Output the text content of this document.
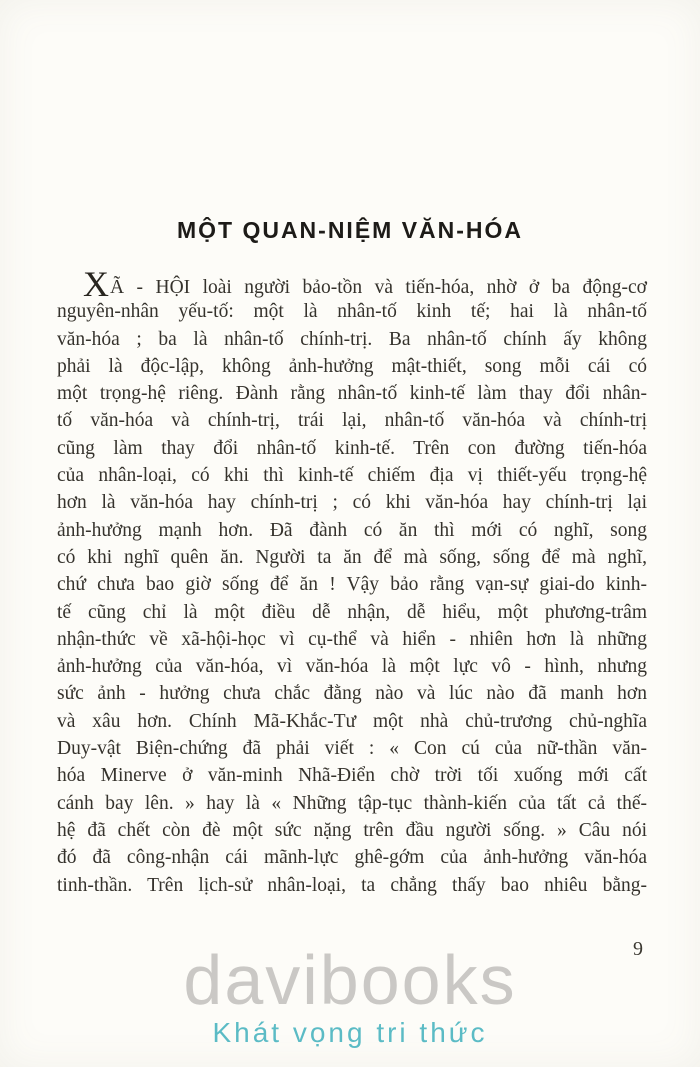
MỘT QUAN-NIỆM VĂN-HÓA
XÃ - HỘI loài người bảo-tồn và tiến-hóa, nhờ ở ba động-cơ
nguyên-nhân yếu-tố: một là nhân-tố kinh tế; hai là nhân-tố
văn-hóa ; ba là nhân-tố chính-trị. Ba nhân-tố chính ấy không
phải là độc-lập, không ảnh-hưởng mật-thiết, song mỗi cái có
một trọng-hệ riêng. Đành rằng nhân-tố kinh-tế làm thay đổi nhân-
tố văn-hóa và chính-trị, trái lại, nhân-tố văn-hóa và chính-trị
cũng làm thay đổi nhân-tố kinh-tế. Trên con đường tiến-hóa
của nhân-loại, có khi thì kinh-tế chiếm địa vị thiết-yếu trọng-hệ
hơn là văn-hóa hay chính-trị ; có khi văn-hóa hay chính-trị lại
ảnh-hưởng mạnh hơn. Đã đành có ăn thì mới có nghĩ, song
có khi nghĩ quên ăn. Người ta ăn để mà sống, sống để mà nghĩ,
chứ chưa bao giờ sống để ăn ! Vậy bảo rằng vạn-sự giai-do kinh-
tế cũng chỉ là một điều dễ nhận, dễ hiểu, một phương-trâm
nhận-thức về xã-hội-học vì cụ-thể và hiển - nhiên hơn là những
ảnh-hưởng của văn-hóa, vì văn-hóa là một lực vô - hình, nhưng
sức ảnh - hưởng chưa chắc đằng nào và lúc nào đã manh hơn
và xâu hơn. Chính Mã-Khắc-Tư một nhà chủ-trương chủ-nghĩa
Duy-vật Biện-chứng đã phải viết : « Con cú của nữ-thần văn-
hóa Minerve ở văn-minh Nhã-Điển chờ trời tối xuống mới cất
cánh bay lên. » hay là « Những tập-tục thành-kiến của tất cả thế-
hệ đã chết còn đè một sức nặng trên đầu người sống. » Câu nói
đó đã công-nhận cái mãnh-lực ghê-gớm của ảnh-hưởng văn-hóa
tinh-thần. Trên lịch-sử nhân-loại, ta chẳng thấy bao nhiêu bằng-
9
davibooks
Khát vọng tri thức
